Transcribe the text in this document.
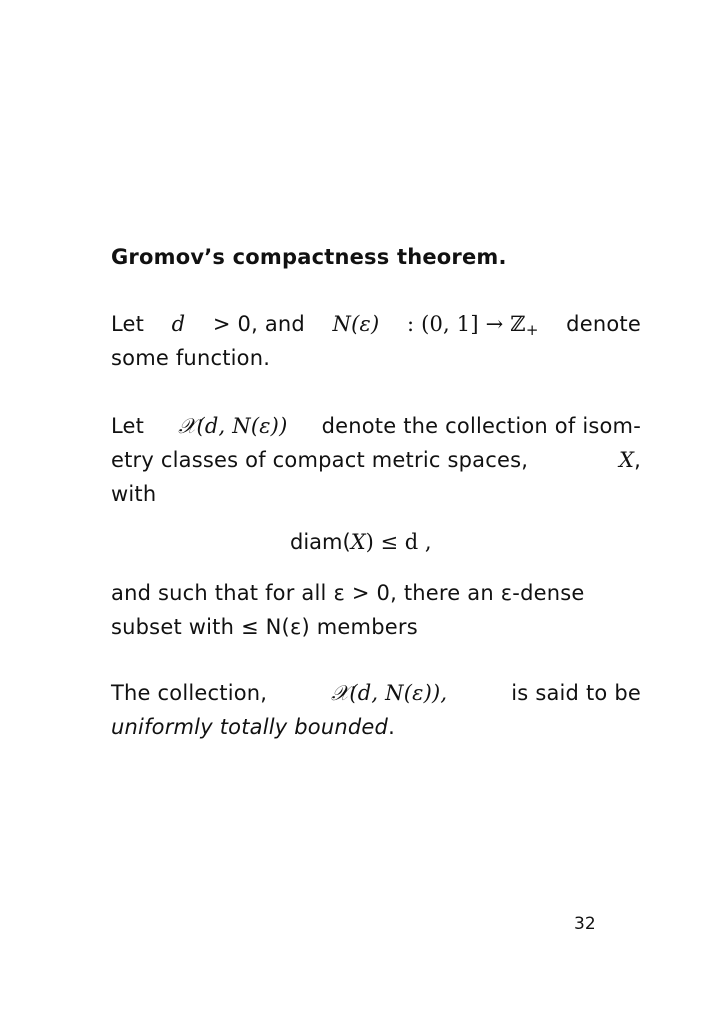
Gromov’s compactness theorem.
Let d > 0, and N(ε) : (0, 1] → ℤ$_+$ denote
some function.
Let 𝒳(d, N(ε)) denote the collection of isom-
etry classes of compact metric spaces,	X,
with
diam(X) ≤ d ,
and such that for all ε > 0, there an ε-dense
subset with ≤ N(ε) members
The collection,	𝒳(d, N(ε)),	is said to be
uniformly totally bounded.
32
